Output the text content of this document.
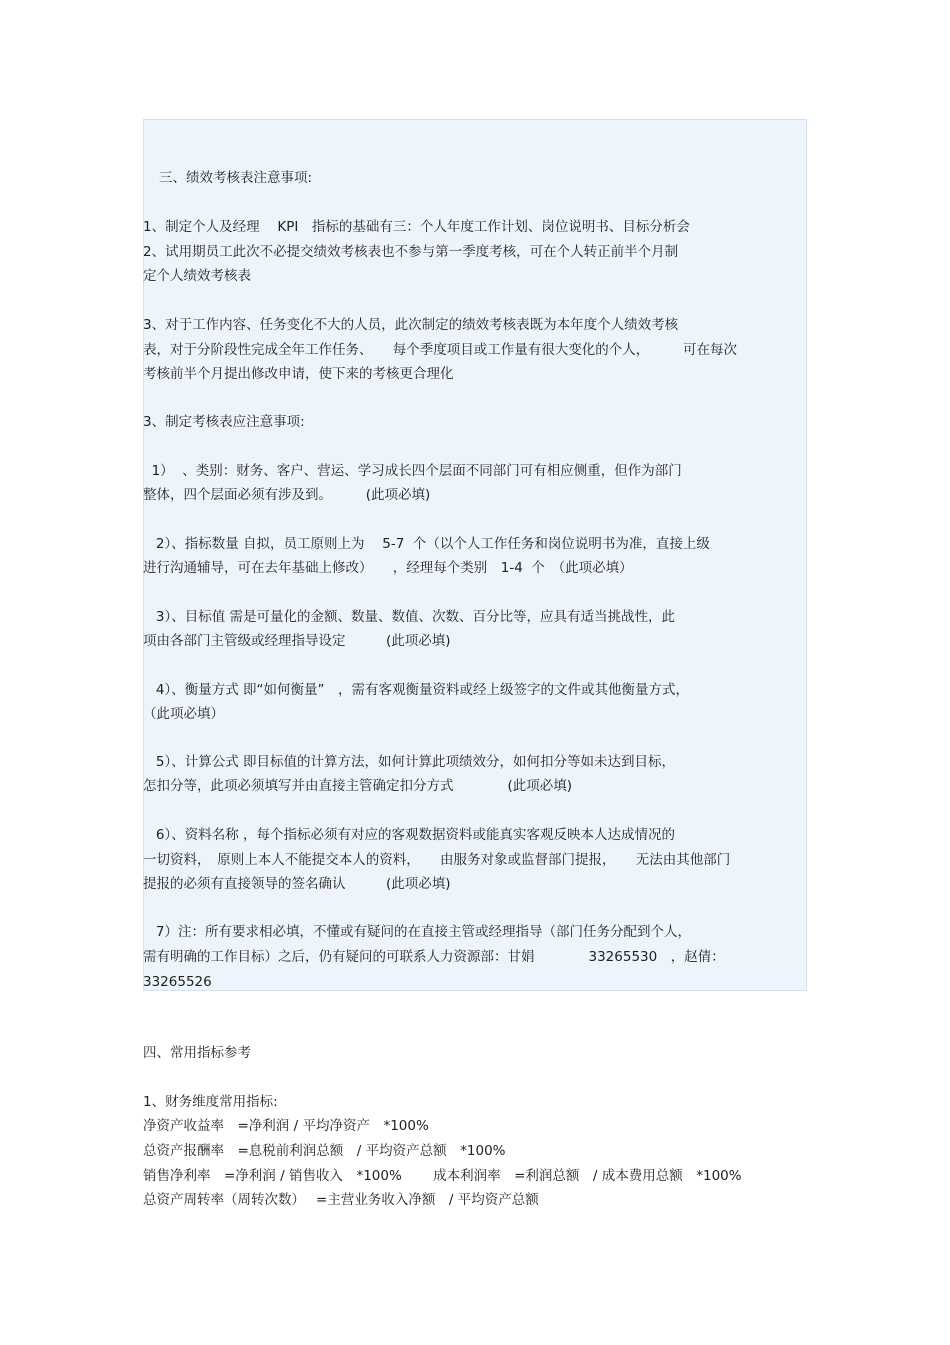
三、绩效考核表注意事项:
1、制定个人及经理　 KPI　指标的基础有三：个人年度工作计划、岗位说明书、目标分析会
2、试用期员工此次不必提交绩效考核表也不参与第一季度考核，可在个人转正前半个月制
定个人绩效考核表
3、对于工作内容、任务变化不大的人员，此次制定的绩效考核表既为本年度个人绩效考核
表，对于分阶段性完成全年工作任务、　　每个季度项目或工作量有很大变化的个人，　　　可在每次
考核前半个月提出修改申请，使下来的考核更合理化
3、制定考核表应注意事项:
1）  、类别：财务、客户、营运、学习成长四个层面不同部门可有相应侧重，但作为部门
整体，四个层面必须有涉及到。　　　(此项必填)
2）、指标数量 自拟，员工原则上为　 5-7  个（以个人工作任务和岗位说明书为准，直接上级
进行沟通辅导，可在去年基础上修改）　　，经理每个类别　1-4  个　（此项必填）
3）、目标值 需是可量化的金额、数量、数值、次数、百分比等，应具有适当挑战性，此
项由各部门主管级或经理指导设定　　　(此项必填)
4）、衡量方式 即“如何衡量”　，需有客观衡量资料或经上级签字的文件或其他衡量方式，
（此项必填）
5）、计算公式 即目标值的计算方法，如何计算此项绩效分，如何扣分等如未达到目标，
怎扣分等，此项必须填写并由直接主管确定扣分方式　　　　(此项必填)
6）、资料名称 ，每个指标必须有对应的客观数据资料或能真实客观反映本人达成情况的
一切资料，　原则上本人不能提交本人的资料，　　由服务对象或监督部门提报，　　无法由其他部门
提报的必须有直接领导的签名确认　　　(此项必填)
7）注：所有要求相必填，不懂或有疑问的在直接主管或经理指导（部门任务分配到个人，
需有明确的工作目标）之后，仍有疑问的可联系人力资源部：甘娟　　　　33265530　，赵倩：
33265526
四、常用指标参考
1、财务维度常用指标:
净资产收益率　=净利润 / 平均净资产　*100%
总资产报酬率　=息税前利润总额　/ 平均资产总额　*100%
销售净利率　=净利润 / 销售收入　*100%　　 成本利润率　=利润总额　/ 成本费用总额　*100%
总资产周转率（周转次数）　 =主营业务收入净额　/ 平均资产总额
